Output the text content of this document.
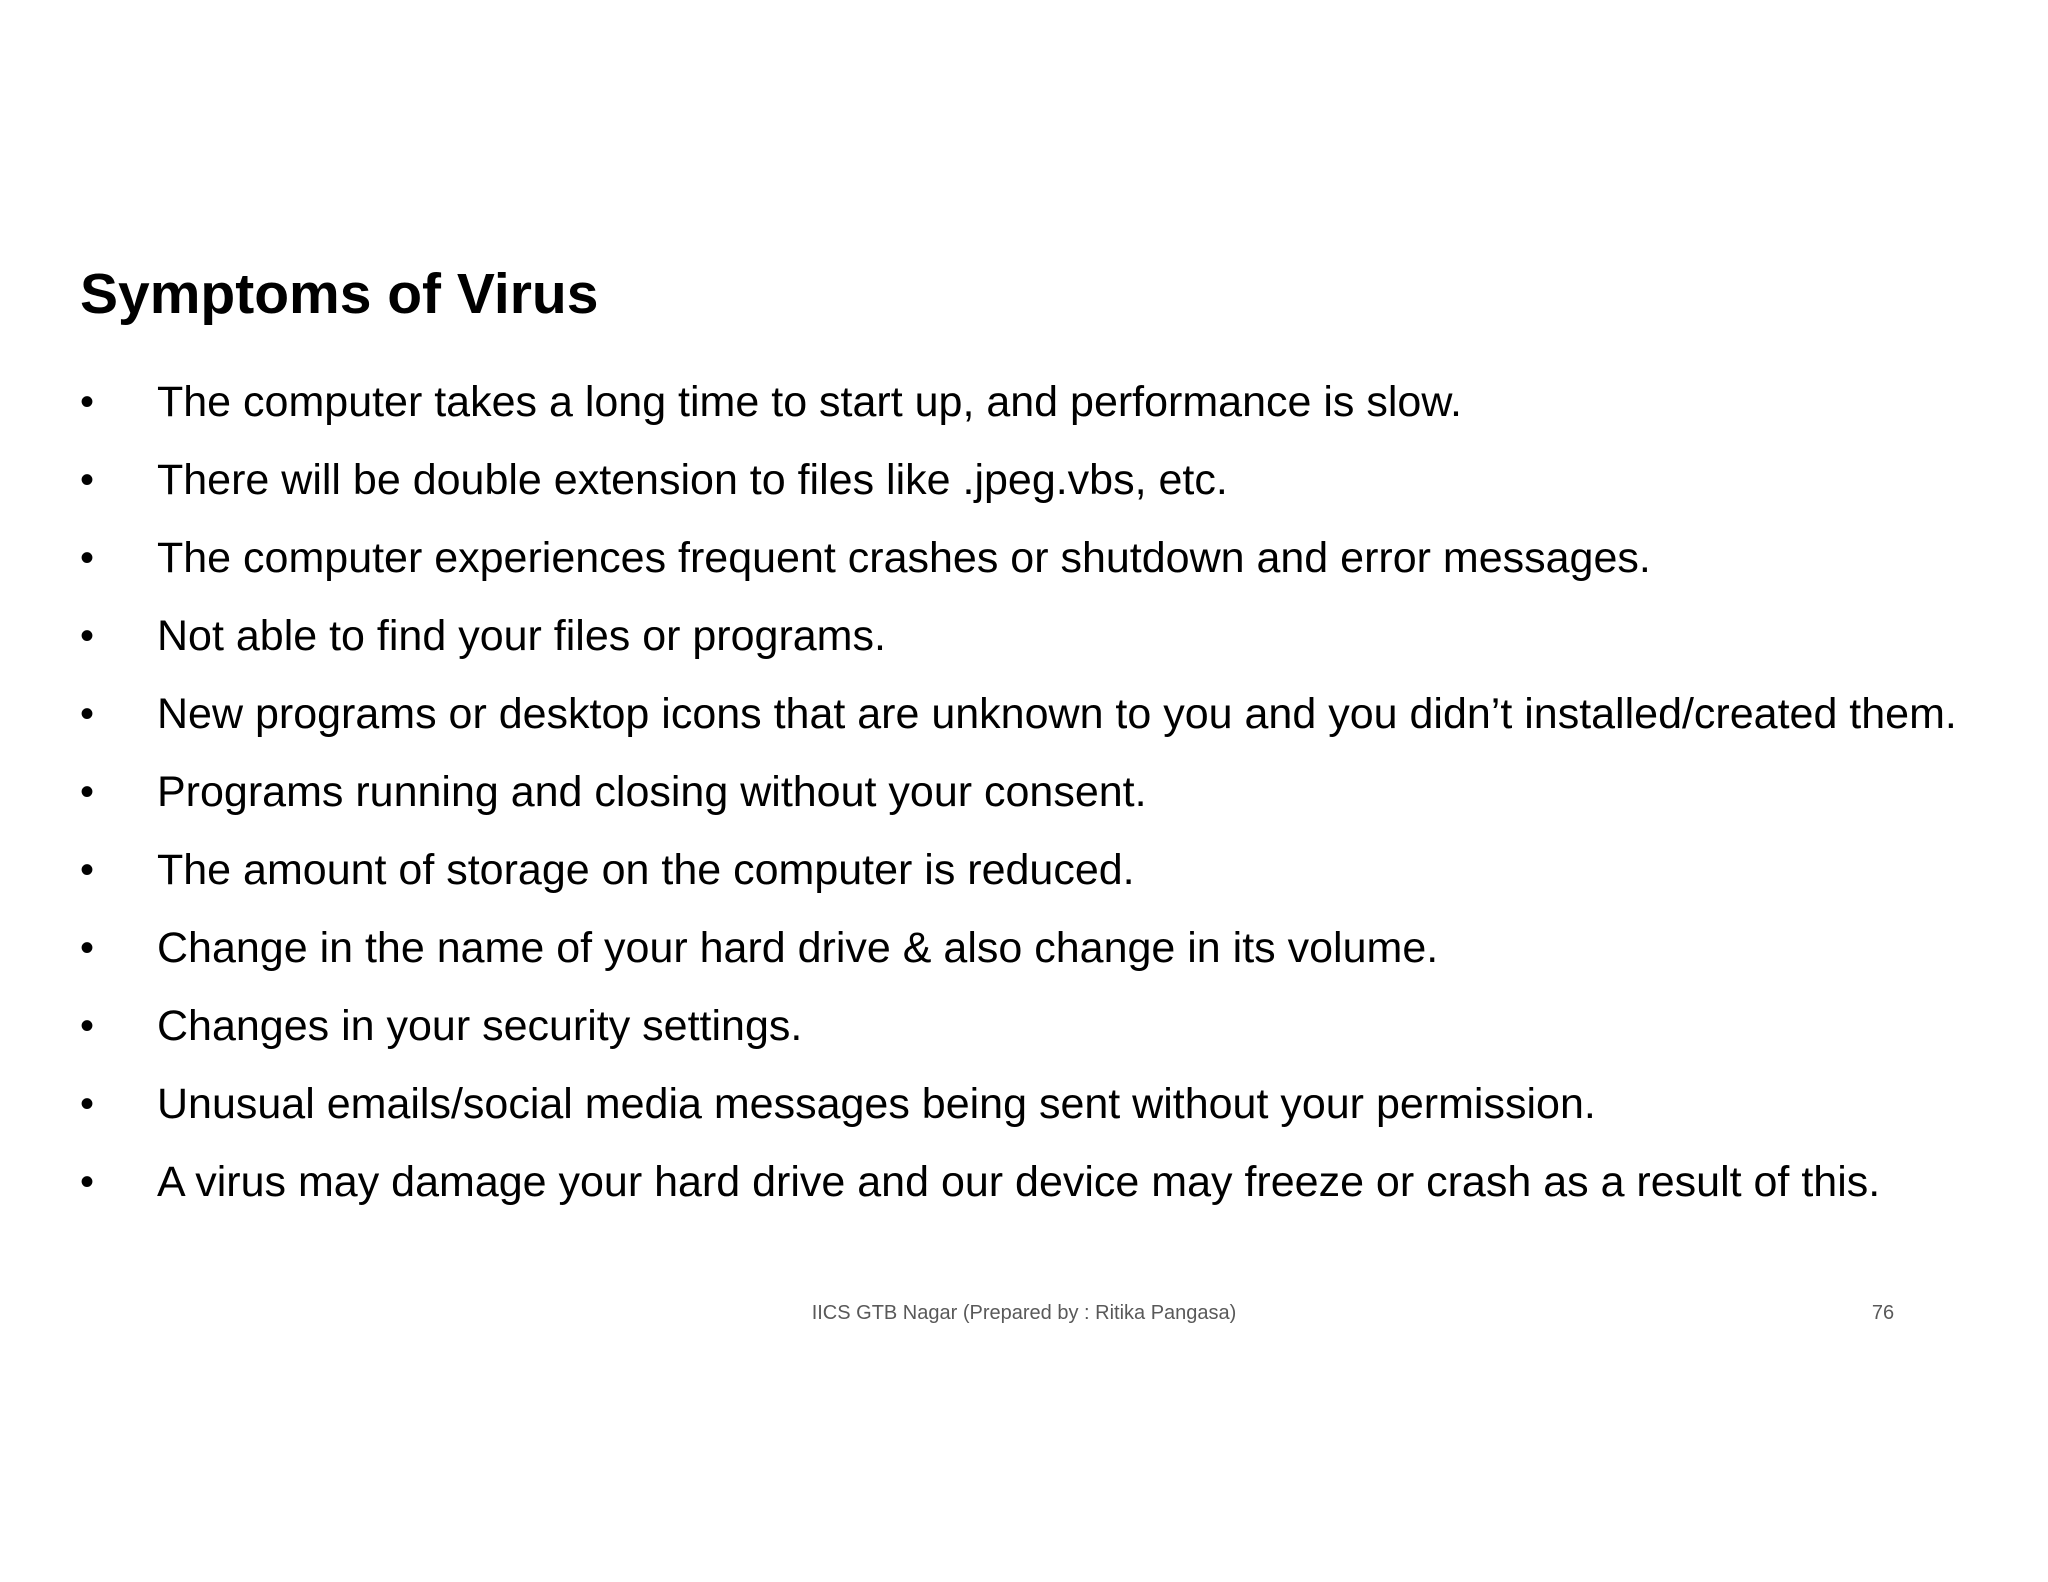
Symptoms of Virus
• The computer takes a long time to start up, and performance is slow.
• There will be double extension to files like .jpeg.vbs, etc.
• The computer experiences frequent crashes or shutdown and error messages.
• Not able to find your files or programs.
• New programs or desktop icons that are unknown to you and you didn’t installed/created them.
• Programs running and closing without your consent.
• The amount of storage on the computer is reduced.
• Change in the name of your hard drive & also change in its volume.
• Changes in your security settings.
• Unusual emails/social media messages being sent without your permission.
• A virus may damage your hard drive and our device may freeze or crash as a result of this.
IICS GTB Nagar (Prepared by : Ritika Pangasa)	76
